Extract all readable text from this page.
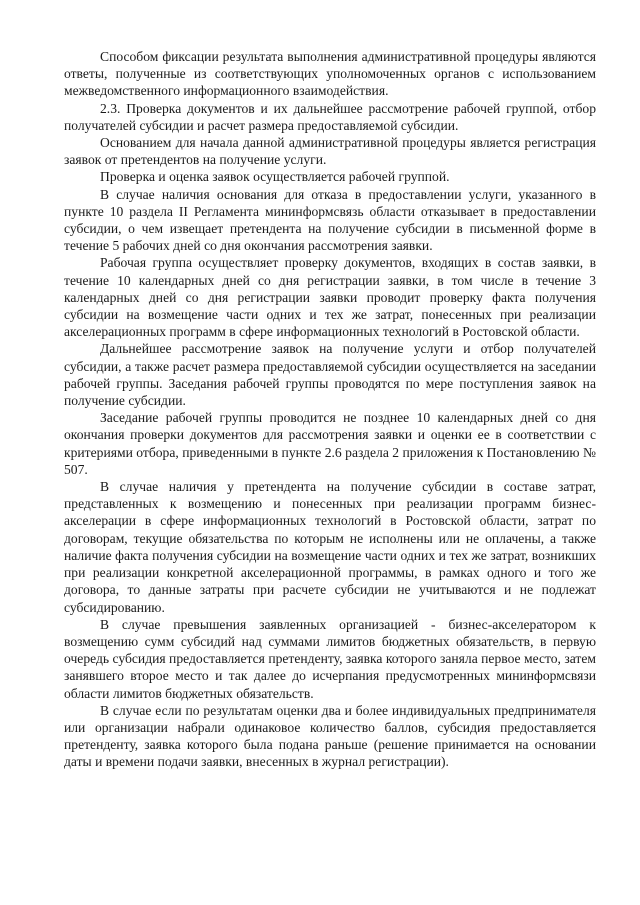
Способом фиксации результата выполнения административной процедуры являются ответы, полученные из соответствующих уполномоченных органов с использованием межведомственного информационного взаимодействия.

2.3. Проверка документов и их дальнейшее рассмотрение рабочей группой, отбор получателей субсидии и расчет размера предоставляемой субсидии.

Основанием для начала данной административной процедуры является регистрация заявок от претендентов на получение услуги.

Проверка и оценка заявок осуществляется рабочей группой.

В случае наличия основания для отказа в предоставлении услуги, указанного в пункте 10 раздела II Регламента мининформсвязь области отказывает в предоставлении субсидии, о чем извещает претендента на получение субсидии в письменной форме в течение 5 рабочих дней со дня окончания рассмотрения заявки.

Рабочая группа осуществляет проверку документов, входящих в состав заявки, в течение 10 календарных дней со дня регистрации заявки, в том числе в течение 3 календарных дней со дня регистрации заявки проводит проверку факта получения субсидии на возмещение части одних и тех же затрат, понесенных при реализации акселерационных программ в сфере информационных технологий в Ростовской области.

Дальнейшее рассмотрение заявок на получение услуги и отбор получателей субсидии, а также расчет размера предоставляемой субсидии осуществляется на заседании рабочей группы. Заседания рабочей группы проводятся по мере поступления заявок на получение субсидии.

Заседание рабочей группы проводится не позднее 10 календарных дней со дня окончания проверки документов для рассмотрения заявки и оценки ее в соответствии с критериями отбора, приведенными в пункте 2.6 раздела 2 приложения к Постановлению № 507.

В случае наличия у претендента на получение субсидии в составе затрат, представленных к возмещению и понесенных при реализации программ бизнес-акселерации в сфере информационных технологий в Ростовской области, затрат по договорам, текущие обязательства по которым не исполнены или не оплачены, а также наличие факта получения субсидии на возмещение части одних и тех же затрат, возникших при реализации конкретной акселерационной программы, в рамках одного и того же договора, то данные затраты при расчете субсидии не учитываются и не подлежат субсидированию.

В случае превышения заявленных организацией - бизнес-акселератором к возмещению сумм субсидий над суммами лимитов бюджетных обязательств, в первую очередь субсидия предоставляется претенденту, заявка которого заняла первое место, затем занявшего второе место и так далее до исчерпания предусмотренных мининформсвязи области лимитов бюджетных обязательств.

В случае если по результатам оценки два и более индивидуальных предпринимателя или организации набрали одинаковое количество баллов, субсидия предоставляется претенденту, заявка которого была подана раньше (решение принимается на основании даты и времени подачи заявки, внесенных в журнал регистрации).
